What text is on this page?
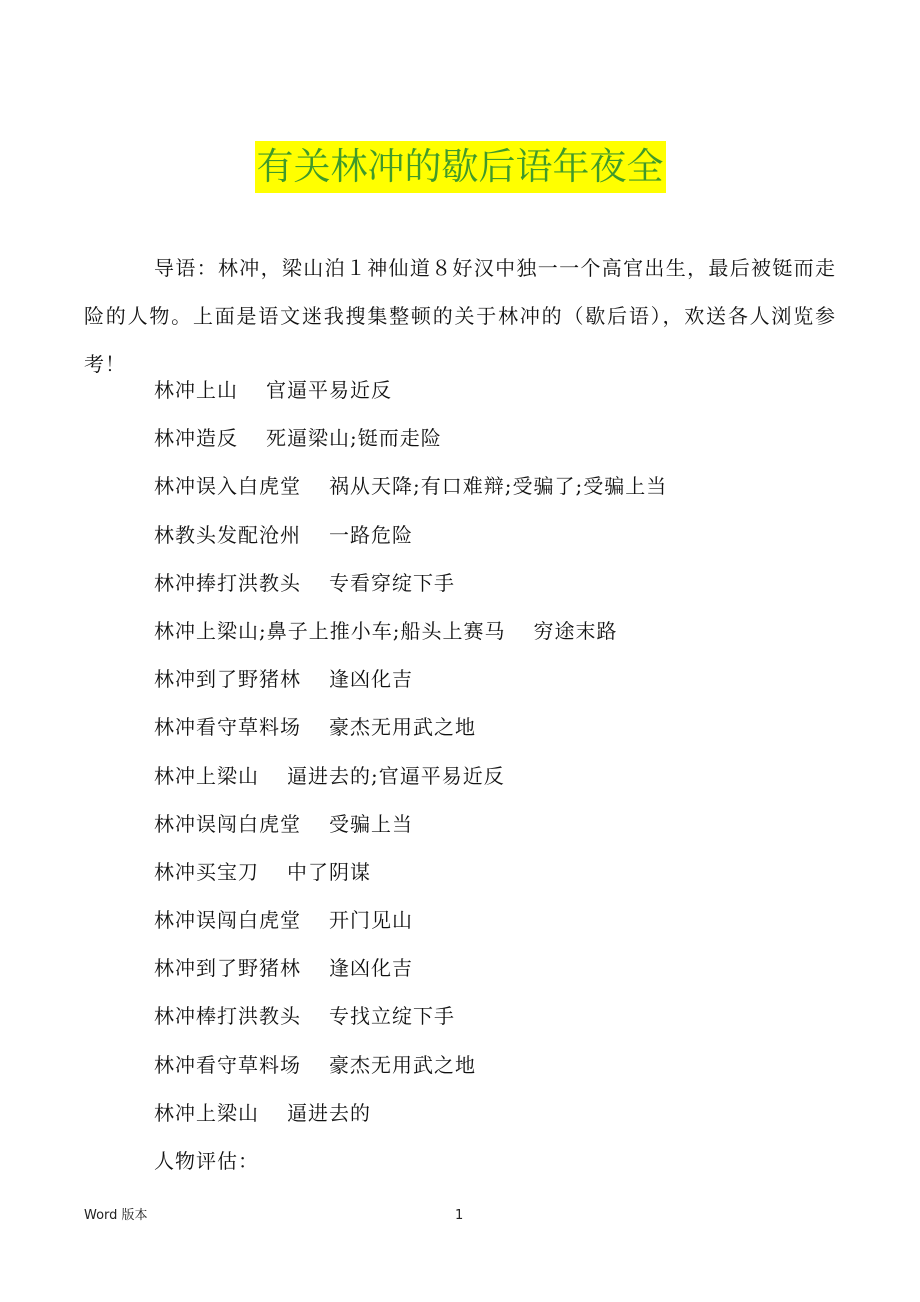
有关林冲的歇后语年夜全

导语：林冲，梁山泊１神仙道８好汉中独一一个高官出生，最后被铤而走险的人物。上面是语文迷我搜集整顿的关于林冲的（歇后语），欢送各人浏览参考！

林冲上山 官逼平易近反
林冲造反 死逼梁山;铤而走险
林冲误入白虎堂 祸从天降;有口难辩;受骗了;受骗上当
林教头发配沧州 一路危险
林冲捧打洪教头 专看穿绽下手
林冲上梁山;鼻子上推小车;船头上赛马 穷途末路
林冲到了野猪林 逢凶化吉
林冲看守草料场 豪杰无用武之地
林冲上梁山 逼进去的;官逼平易近反
林冲误闯白虎堂 受骗上当
林冲买宝刀 中了阴谋
林冲误闯白虎堂 开门见山
林冲到了野猪林 逢凶化吉
林冲棒打洪教头 专找立绽下手
林冲看守草料场 豪杰无用武之地
林冲上梁山 逼进去的
人物评估：
Word 版本	1
